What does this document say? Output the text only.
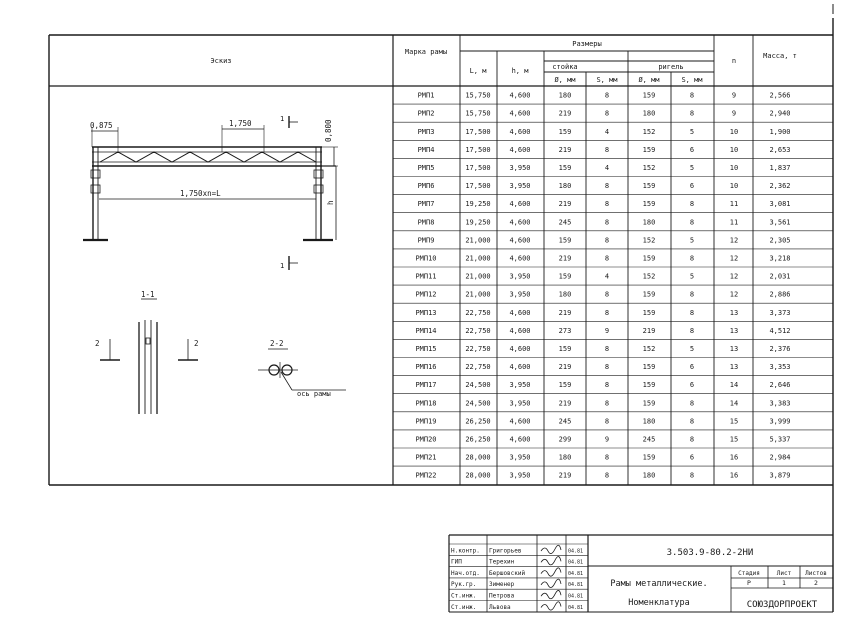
Эскиз
Марка рамы
Размеры
L, м	h, м	стойка	ригель
Ø, мм	S, мм	Ø, мм	S, мм
n
Масса, т
РМП1	15,750	4,600	180	8	159	8	9	2,566
РМП2	15,750	4,600	219	8	180	8	9	2,940
РМП3	17,500	4,600	159	4	152	5	10	1,900
РМП4	17,500	4,600	219	8	159	6	10	2,653
РМП5	17,500	3,950	159	4	152	5	10	1,837
РМП6	17,500	3,950	180	8	159	6	10	2,362
РМП7	19,250	4,600	219	8	159	8	11	3,081
РМП8	19,250	4,600	245	8	180	8	11	3,561
РМП9	21,000	4,600	159	8	152	5	12	2,305
РМП10	21,000	4,600	219	8	159	8	12	3,218
РМП11	21,000	3,950	159	4	152	5	12	2,031
РМП12	21,000	3,950	180	8	159	8	12	2,886
РМП13	22,750	4,600	219	8	159	8	13	3,373
РМП14	22,750	4,600	273	9	219	8	13	4,512
РМП15	22,750	4,600	159	8	152	5	13	2,376
РМП16	22,750	4,600	219	8	159	6	13	3,353
РМП17	24,500	3,950	159	8	159	6	14	2,646
РМП18	24,500	3,950	219	8	159	8	14	3,383
РМП19	26,250	4,600	245	8	180	8	15	3,999
РМП20	26,250	4,600	299	9	245	8	15	5,337
РМП21	28,000	3,950	180	8	159	6	16	2,984
РМП22	28,000	3,950	219	8	180	8	16	3,879
0,875	1,750	0,800
1,750хn=L
h
1
1
1-1
2	2	2-2
ось рамы
Н.контр. Григорьев	04.81
ГИП	Терехин	04.81
Нач.отд. Бершовский	04.81
Рук.гр. Зименер	04.81
Ст.инж. Петрова	04.81
Ст.инж. Львова	04.81
3.503.9-80.2-2НИ
Рамы металлические.
Номенклатура
Стадия	Лист Листов
Р	1	2
СОЮЗДОРПРОЕКТ
